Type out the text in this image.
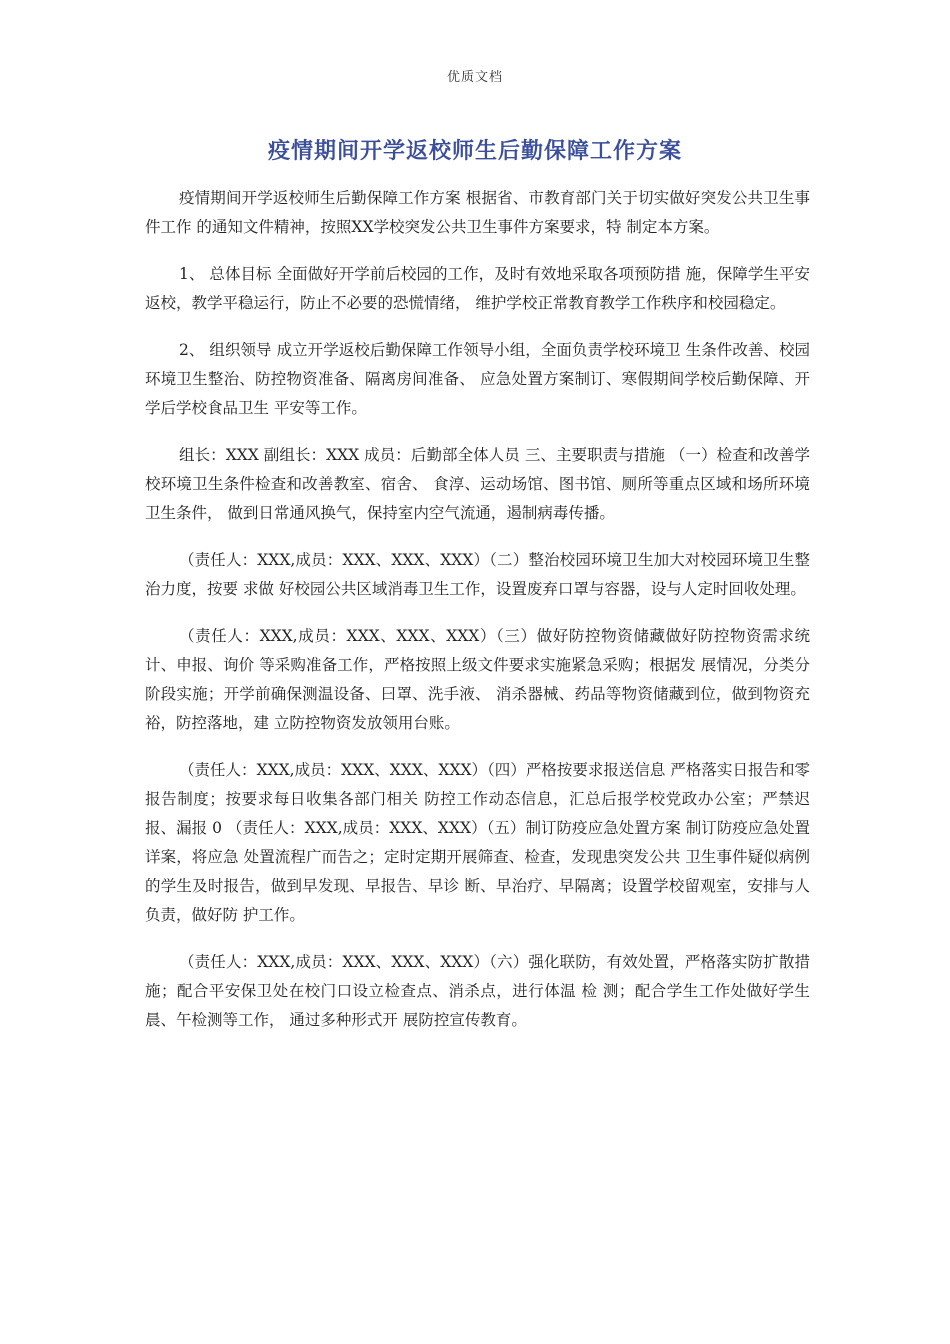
优质文档
疫情期间开学返校师生后勤保障工作方案

疫情期间开学返校师生后勤保障工作方案 根据省、市教育部门关于切实做好突发公共卫生事件工作 的通知文件精神，按照XX学校突发公共卫生事件方案要求，特 制定本方案。

1、 总体目标 全面做好开学前后校园的工作，及时有效地采取各项预防措 施，保障学生平安返校，教学平稳运行，防止不必要的恐慌情绪， 维护学校正常教育教学工作秩序和校园稳定。

2、 组织领导 成立开学返校后勤保障工作领导小组，全面负责学校环境卫 生条件改善、校园环境卫生整治、防控物资准备、隔离房间准备、 应急处置方案制订、寒假期间学校后勤保障、开学后学校食品卫生 平安等工作。

组长：XXX 副组长：XXX 成员：后勤部全体人员 三、主要职责与措施 （一）检查和改善学校环境卫生条件检查和改善教室、宿舍、 食淳、运动场馆、图书馆、厕所等重点区域和场所环境卫生条件， 做到日常通风换气，保持室内空气流通，遏制病毒传播。

（责任人：XXX,成员：XXX、XXX、XXX）（二）整治校园环境卫生加大对校园环境卫生整治力度，按要 求做 好校园公共区域消毒卫生工作，设置废弃口罩与容器，设与人定时回收处理。

（责任人：XXX,成员：XXX、XXX、XXX）（三）做好防控物资储藏做好防控物资需求统计、申报、询价 等采购准备工作，严格按照上级文件要求实施紧急采购；根据发 展情况，分类分阶段实施；开学前确保测温设备、曰罩、洗手液、 消杀器械、药品等物资储藏到位，做到物资充裕，防控落地，建 立防控物资发放领用台账。

（责任人：XXX,成员：XXX、XXX、XXX）（四）严格按要求报送信息 严格落实日报告和零报告制度；按要求每日收集各部门相关 防控工作动态信息，汇总后报学校党政办公室；严禁迟报、漏报 0 （责任人：XXX,成员：XXX、XXX）（五）制订防疫应急处置方案 制订防疫应急处置详案，将应急 处置流程广而告之；定时定期开展筛查、检查，发现患突发公共 卫生事件疑似病例的学生及时报告，做到早发现、早报告、早诊 断、早治疗、早隔离；设置学校留观室，安排与人负责，做好防 护工作。

（责任人：XXX,成员：XXX、XXX、XXX）（六）强化联防，有效处置，严格落实防扩散措施；配合平安保卫处在校门口设立检查点、消杀点，进行体温 检 测；配合学生工作处做好学生晨、午检测等工作， 通过多种形式开 展防控宣传教育。
